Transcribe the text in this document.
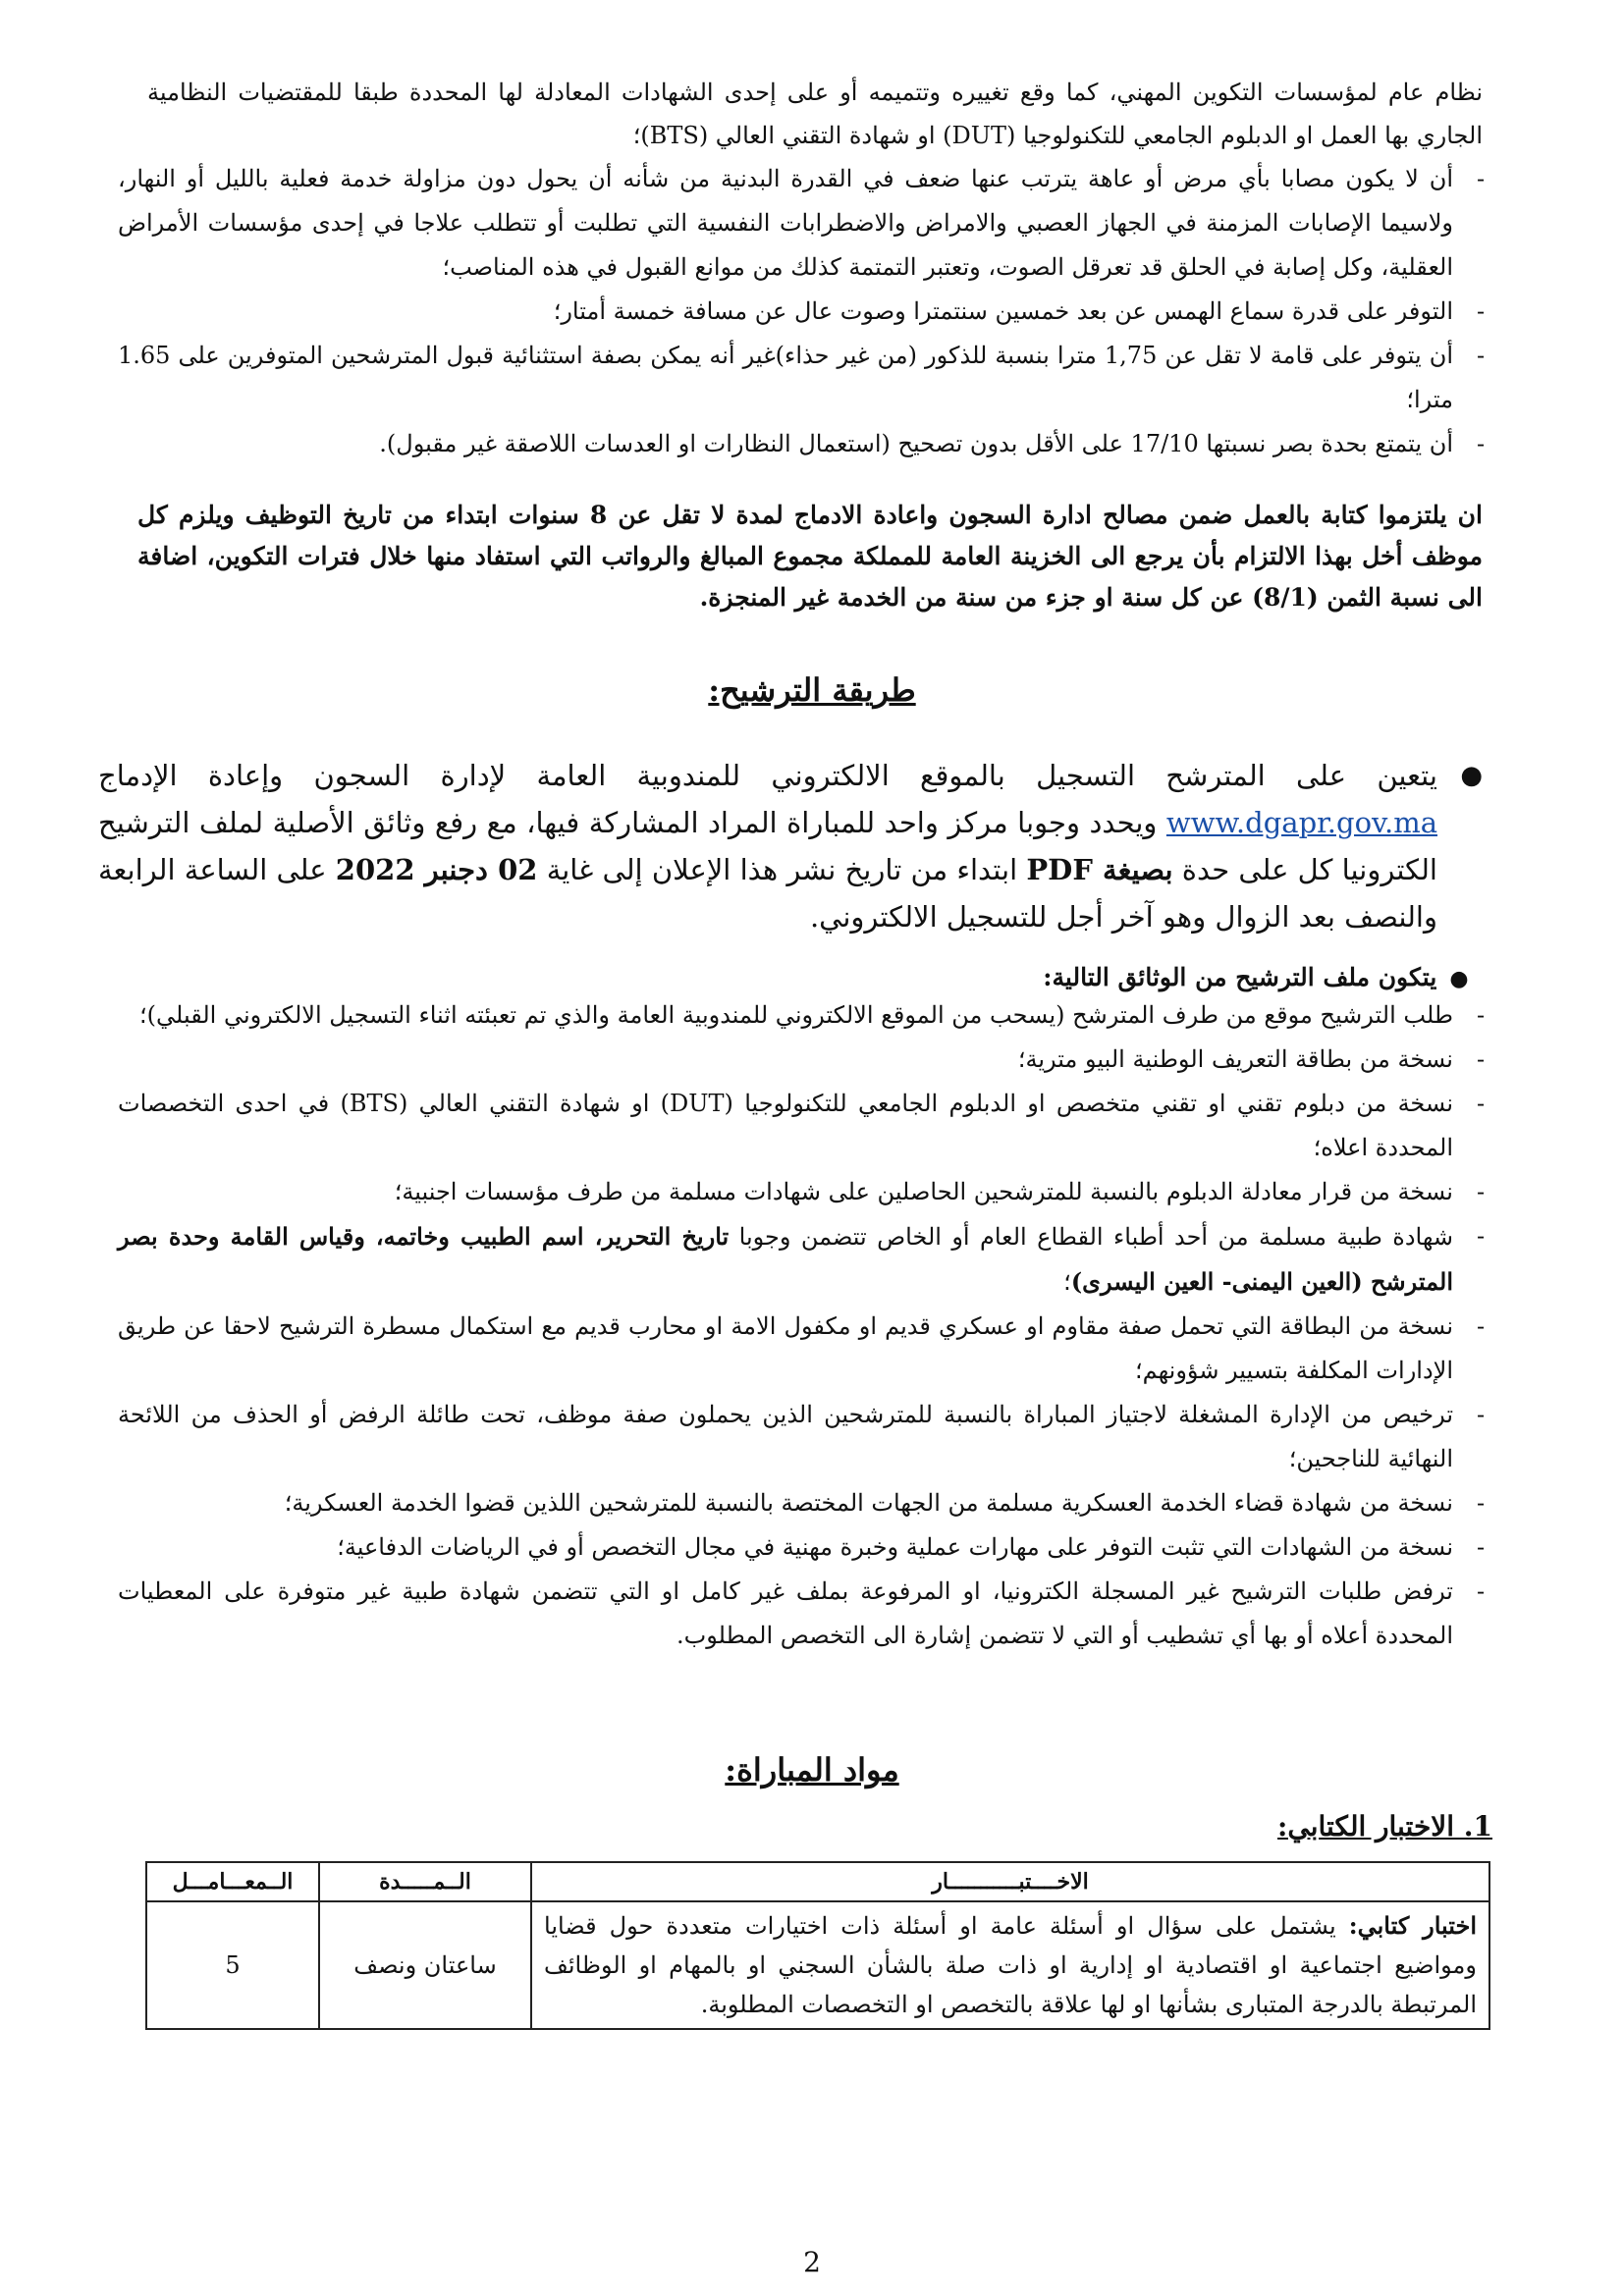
نظام عام لمؤسسات التكوين المهني، كما وقع تغييره وتتميمه أو على إحدى الشهادات المعادلة لها المحددة طبقا للمقتضيات النظامية الجاري بها العمل او الدبلوم الجامعي للتكنولوجيا (DUT) او شهادة التقني العالي (BTS)؛

-
أن لا يكون مصابا بأي مرض أو عاهة يترتب عنها ضعف في القدرة البدنية من شأنه أن يحول دون مزاولة خدمة فعلية بالليل أو النهار، ولاسيما الإصابات المزمنة في الجهاز العصبي والامراض والاضطرابات النفسية التي تطلبت أو تتطلب علاجا في إحدى مؤسسات الأمراض العقلية، وكل إصابة في الحلق قد تعرقل الصوت، وتعتبر التمتمة كذلك من موانع القبول في هذه المناصب؛
-
التوفر على قدرة سماع الهمس عن بعد خمسين سنتمترا وصوت عال عن مسافة خمسة أمتار؛
-
أن يتوفر على قامة لا تقل عن 1,75 مترا بنسبة للذكور (من غير حذاء)غير أنه يمكن بصفة استثنائية قبول المترشحين المتوفرين على 1.65 مترا؛
-
أن يتمتع بحدة بصر نسبتها 17/10 على الأقل بدون تصحيح (استعمال النظارات او العدسات اللاصقة غير مقبول).

ان يلتزموا كتابة بالعمل ضمن مصالح ادارة السجون واعادة الادماج لمدة لا تقل عن 8 سنوات ابتداء من تاريخ التوظيف ويلزم كل موظف أخل بهذا الالتزام بأن يرجع الى الخزينة العامة للمملكة مجموع المبالغ والرواتب التي استفاد منها خلال فترات التكوين، اضافة الى نسبة الثمن (8/1) عن كل سنة او جزء من سنة من الخدمة غير المنجزة.

طريقة الترشيح:
●
يتعين على المترشح التسجيل بالموقع الالكتروني للمندوبية العامة لإدارة السجون وإعادة الإدماج www.dgapr.gov.ma ويحدد وجوبا مركز واحد للمباراة المراد المشاركة فيها، مع رفع وثائق الأصلية لملف الترشيح الكترونيا كل على حدة بصيغة PDF ابتداء من تاريخ نشر هذا الإعلان إلى غاية 02 دجنبر 2022 على الساعة الرابعة والنصف بعد الزوال وهو آخر أجل للتسجيل الالكتروني.
● يتكون ملف الترشيح من الوثائق التالية:
-
طلب الترشيح موقع من طرف المترشح (يسحب من الموقع الالكتروني للمندوبية العامة والذي تم تعبئته اثناء التسجيل الالكتروني القبلي)؛
-
نسخة من بطاقة التعريف الوطنية البيو مترية؛
-
نسخة من دبلوم تقني او تقني متخصص او الدبلوم الجامعي للتكنولوجيا (DUT) او شهادة التقني العالي (BTS) في احدى التخصصات المحددة اعلاه؛
-
نسخة من قرار معادلة الدبلوم بالنسبة للمترشحين الحاصلين على شهادات مسلمة من طرف مؤسسات اجنبية؛
-
شهادة طبية مسلمة من أحد أطباء القطاع العام أو الخاص تتضمن وجوبا تاريخ التحرير، اسم الطبيب وخاتمه، وقياس القامة وحدة بصر المترشح (العين اليمنى- العين اليسرى)؛
-
نسخة من البطاقة التي تحمل صفة مقاوم او عسكري قديم او مكفول الامة او محارب قديم مع استكمال مسطرة الترشيح لاحقا عن طريق الإدارات المكلفة بتسيير شؤونهم؛
-
ترخيص من الإدارة المشغلة لاجتياز المباراة بالنسبة للمترشحين الذين يحملون صفة موظف، تحت طائلة الرفض أو الحذف من اللائحة النهائية للناجحين؛
-
نسخة من شهادة قضاء الخدمة العسكرية مسلمة من الجهات المختصة بالنسبة للمترشحين اللذين قضوا الخدمة العسكرية؛
-
نسخة من الشهادات التي تثبت التوفر على مهارات عملية وخبرة مهنية في مجال التخصص أو في الرياضات الدفاعية؛
-
ترفض طلبات الترشيح غير المسجلة الكترونيا، او المرفوعة بملف غير كامل او التي تتضمن شهادة طبية غير متوفرة على المعطيات المحددة أعلاه أو بها أي تشطيب أو التي لا تتضمن إشارة الى التخصص المطلوب.
مواد المباراة:
1. الاختبار الكتابي:
الاخــــتبـــــــــــار	الــمـــــدة	الــمعـــامـــل
اختبار كتابي: يشتمل على سؤال او أسئلة عامة او أسئلة ذات اختيارات متعددة حول قضايا ومواضيع اجتماعية او اقتصادية او إدارية او ذات صلة بالشأن السجني او بالمهام او الوظائف المرتبطة بالدرجة المتبارى بشأنها او لها علاقة بالتخصص او التخصصات المطلوبة.	ساعتان ونصف	5
2
